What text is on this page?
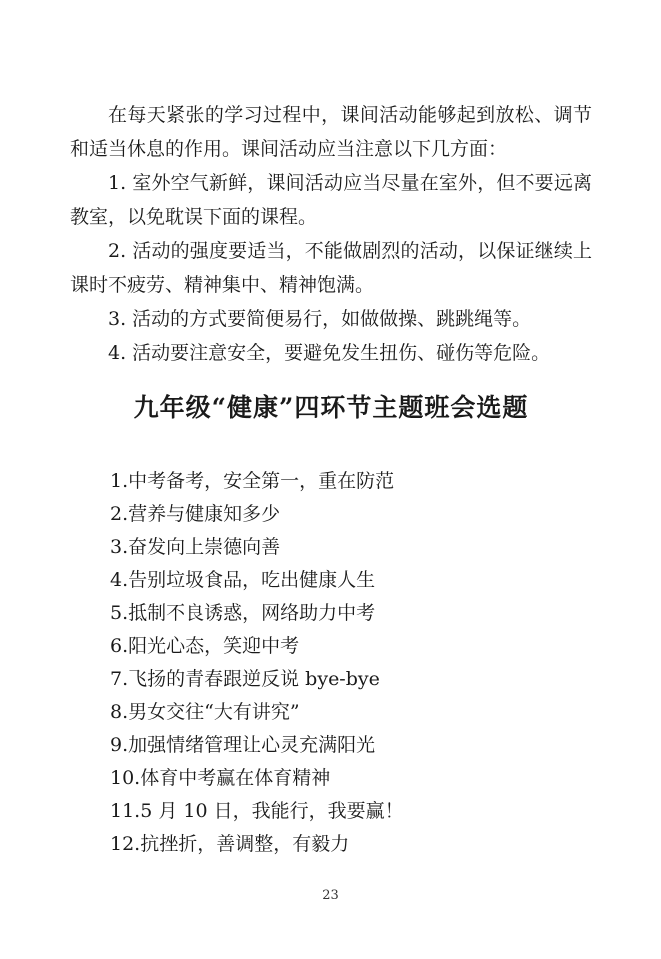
在每天紧张的学习过程中，课间活动能够起到放松、调节和适当休息的作用。课间活动应当注意以下几方面：

1. 室外空气新鲜，课间活动应当尽量在室外，但不要远离教室，以免耽误下面的课程。

2. 活动的强度要适当，不能做剧烈的活动，以保证继续上课时不疲劳、精神集中、精神饱满。

3. 活动的方式要简便易行，如做做操、跳跳绳等。

4. 活动要注意安全，要避免发生扭伤、碰伤等危险。

九年级“健康”四环节主题班会选题
1.中考备考，安全第一，重在防范
2.营养与健康知多少
3.奋发向上崇德向善
4.告别垃圾食品，吃出健康人生
5.抵制不良诱惑，网络助力中考
6.阳光心态，笑迎中考
7.飞扬的青春跟逆反说 bye-bye
8.男女交往“大有讲究”
9.加强情绪管理让心灵充满阳光
10.体育中考赢在体育精神
11.5 月 10 日，我能行，我要赢！
12.抗挫折，善调整，有毅力
23
